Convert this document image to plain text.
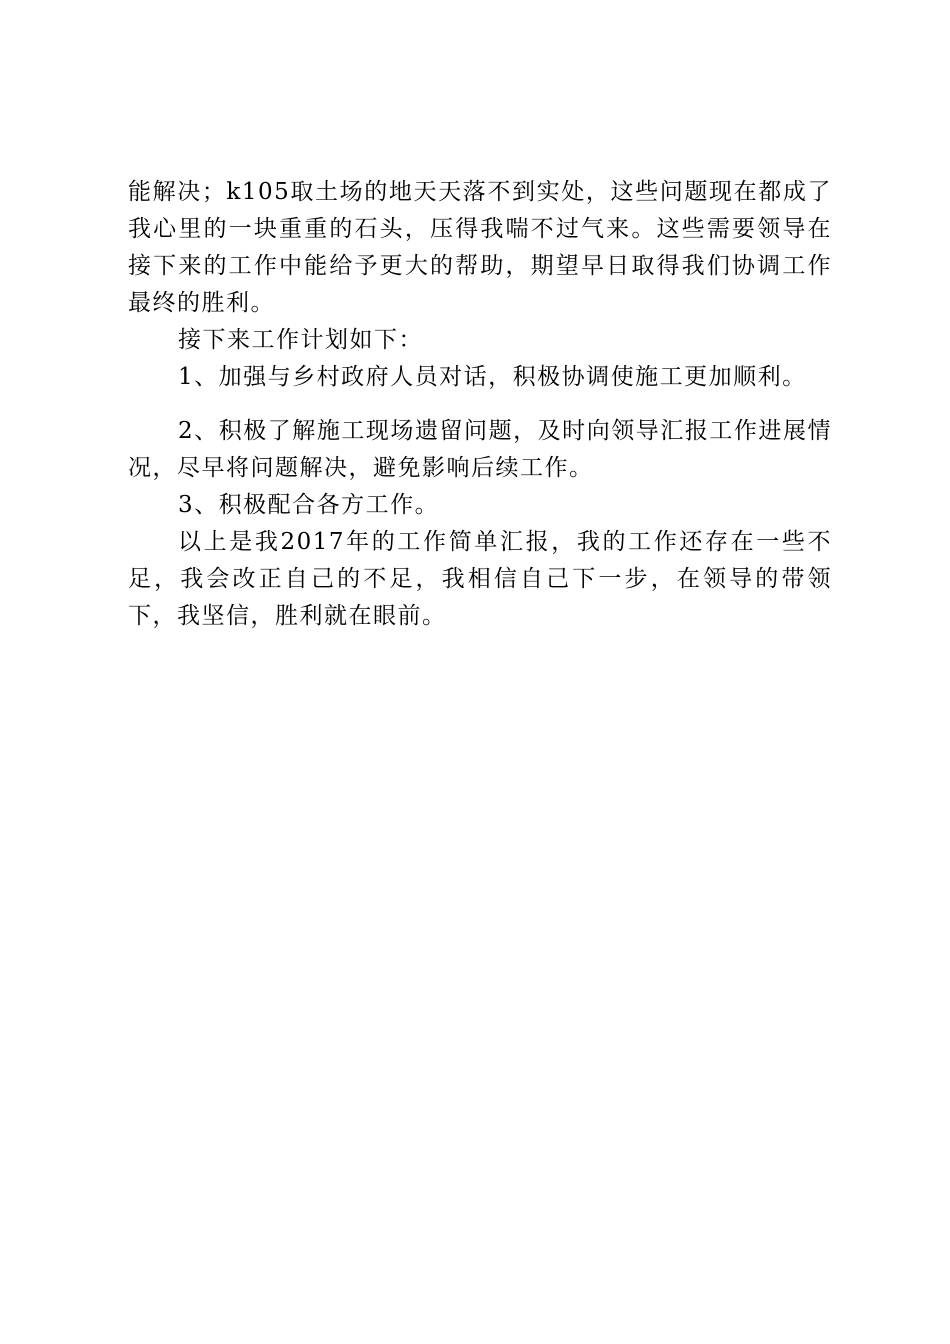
能解决；k105取土场的地天天落不到实处，这些问题现在都成了我心里的一块重重的石头，压得我喘不过气来。这些需要领导在接下来的工作中能给予更大的帮助，期望早日取得我们协调工作最终的胜利。

接下来工作计划如下：

1、加强与乡村政府人员对话，积极协调使施工更加顺利。

2、积极了解施工现场遗留问题，及时向领导汇报工作进展情况，尽早将问题解决，避免影响后续工作。

3、积极配合各方工作。

以上是我2017年的工作简单汇报，我的工作还存在一些不足，我会改正自己的不足，我相信自己下一步，在领导的带领下，我坚信，胜利就在眼前。
